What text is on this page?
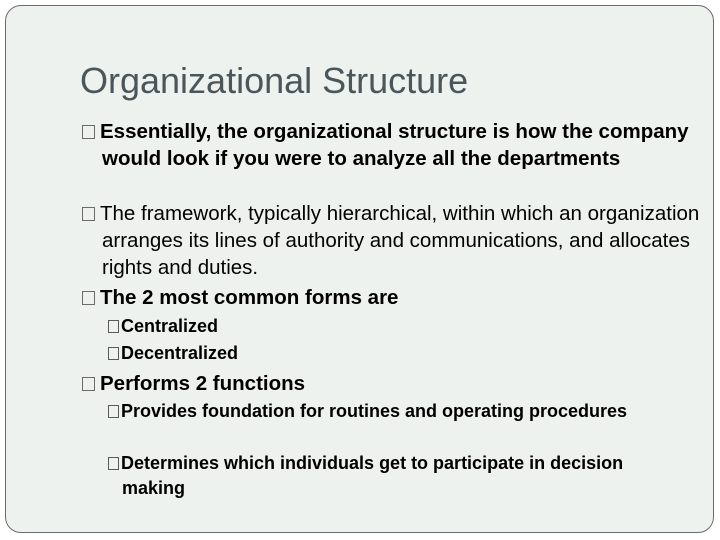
Organizational Structure

Essentially, the organizational structure is how the company would look if you were to analyze all the departments

The framework, typically hierarchical, within which an organization arranges its lines of authority and communications, and allocates rights and duties.

The 2 most common forms are

Centralized

Decentralized

Performs 2 functions

Provides foundation for routines and operating procedures

Determines which individuals get to participate in decision making
